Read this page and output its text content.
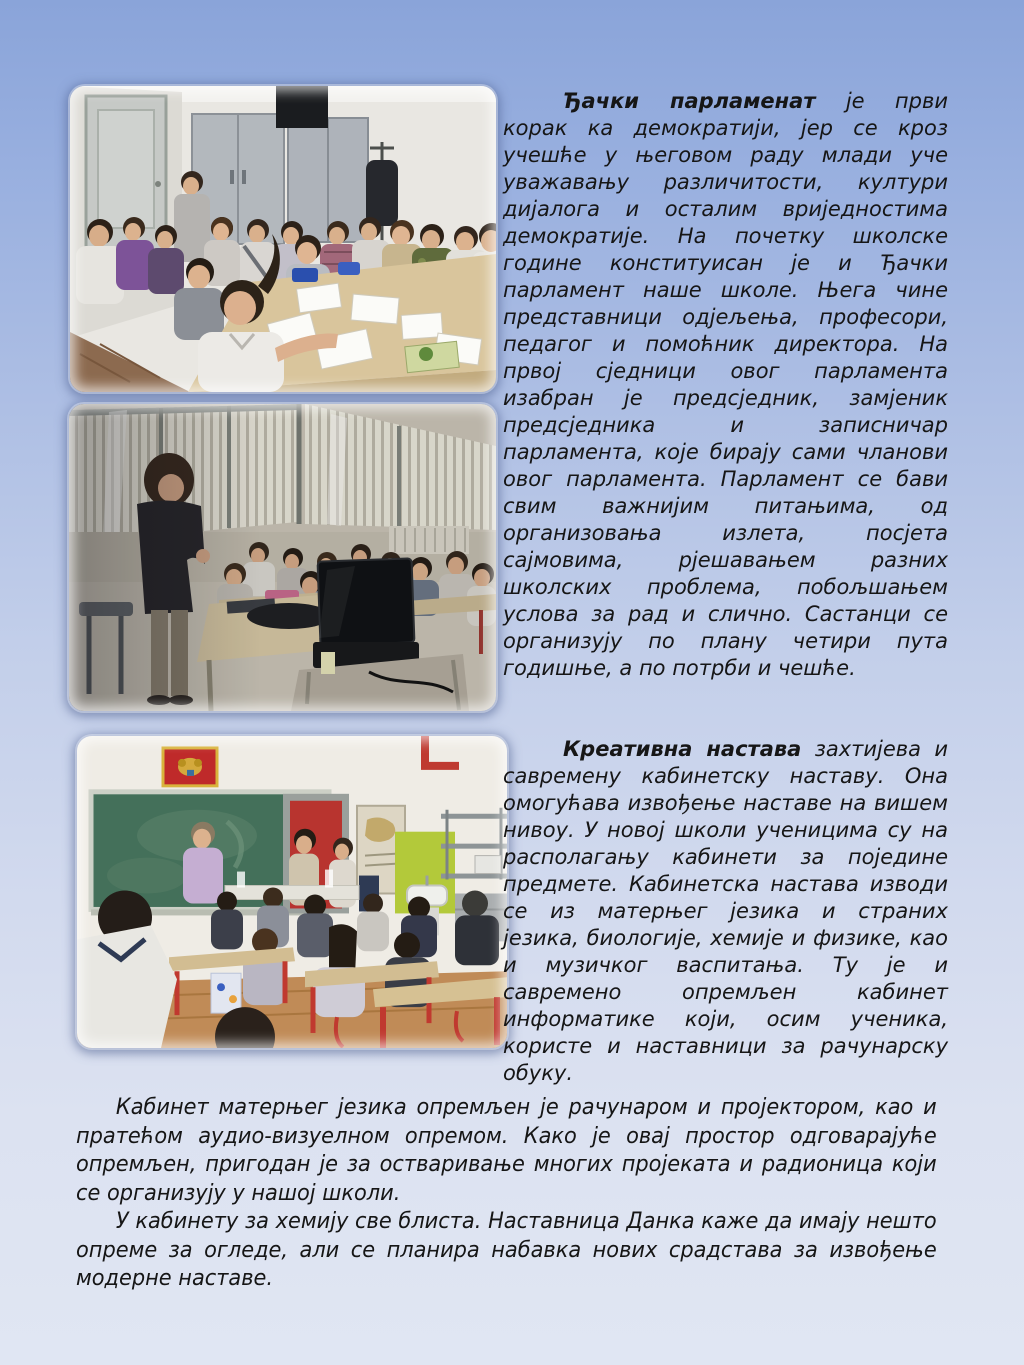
Ђачки парламенат је први корак ка демократији, јер се кроз учешће у његовом раду млади уче уважавању различитости, култури дијалога и осталим вриједностима демократије. На почетку школске године конституисан је и Ђачки парламент наше школе. Њега чине представници одјељења, професори, педагог и помоћник директора. На првој сједници овог парламента изабран је предсједник, замјеник предсједника и записничар парламента, које бирају сами чланови овог парламента. Парламент се бави свим важнијим питањима, од организовања излета, посјета сајмовима, рјешавањем разних школских проблема, побољшањем услова за рад и слично. Састанци се организују по плану четири пута годишње, а по потрби и чешће.

Креативна настава захтијева и савремену кабинетску наставу. Она омогућава извођење наставе на вишем нивоу. У новој школи ученицима су на располагању кабинети за поједине предмете. Кабинетска настава изводи се из матерњег језика и страних језика, биологије, хемије и физике, као и музичког васпитања. Ту је и савремено опремљен кабинет информатике који, осим ученика, користе и наставници за рачунарску обуку.

Кабинет матерњег језика опремљен је рачунаром и пројектором, као и пратећом аудио-визуелном опремом. Како је овај простор одговарајуће опремљен, пригодан је за остваривање многих пројеката и радионица који се организују у нашој школи.

У кабинету за хемију све блиста. Наставница Данка каже да имају нешто опреме за огледе, али се планира набавка нових срадстава за извођење модерне наставе.
